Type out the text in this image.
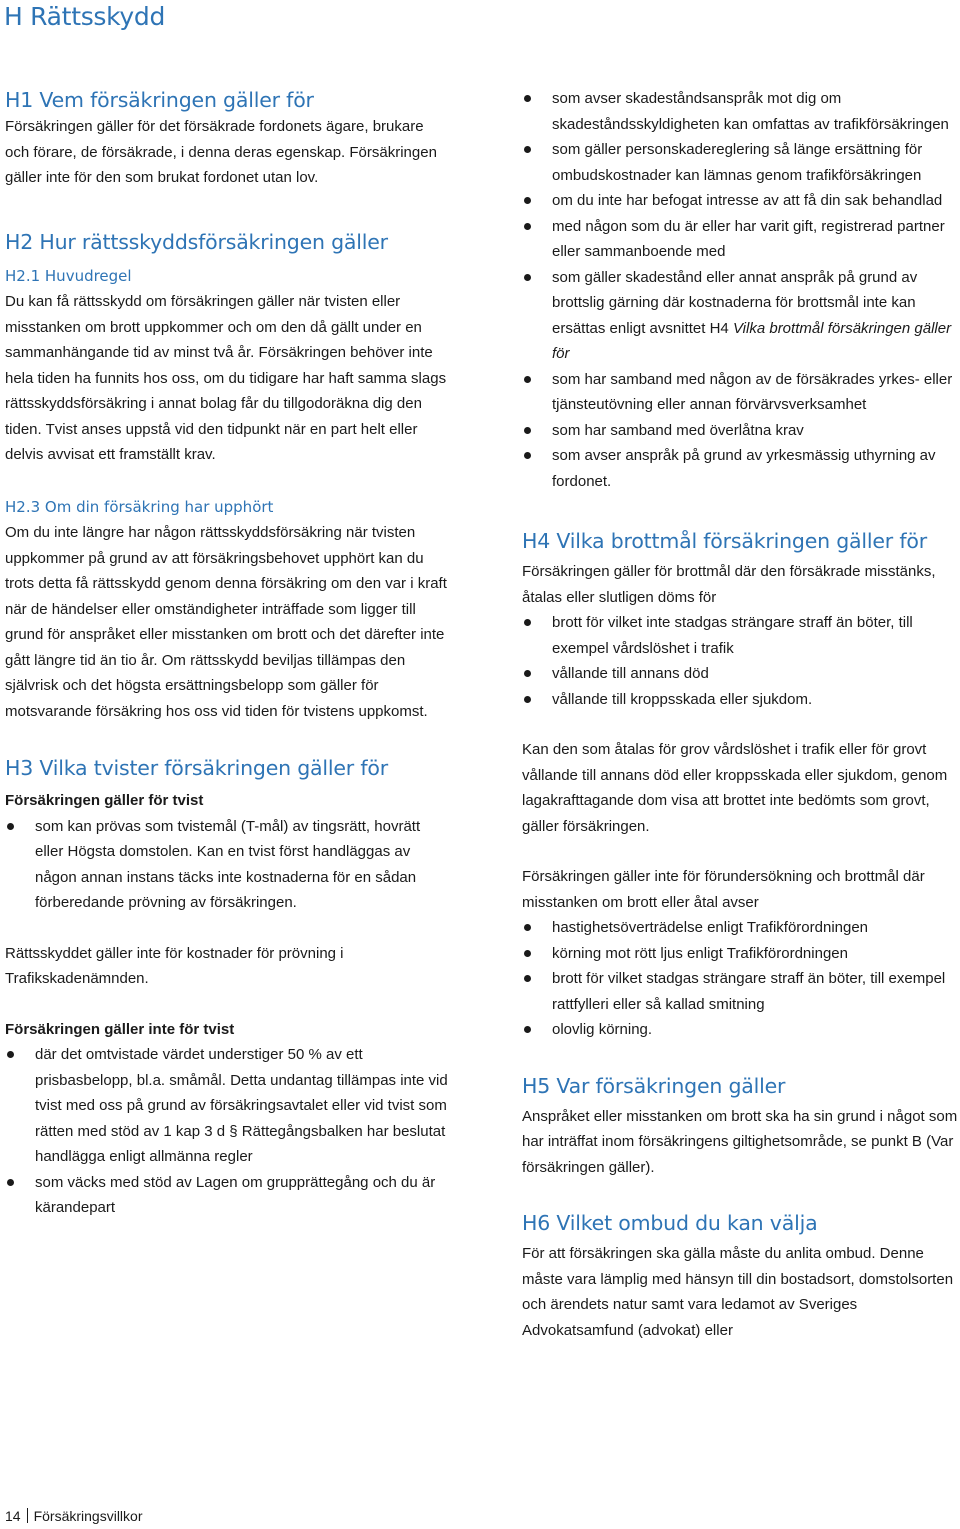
H Rättsskydd
H1 Vem försäkringen gäller för

Försäkringen gäller för det försäkrade fordonets ägare, brukare och förare, de försäkrade, i denna deras egenskap. Försäkringen gäller inte för den som brukat fordonet utan lov.

H2 Hur rättsskyddsförsäkringen gäller
H2.1 Huvudregel

Du kan få rättsskydd om försäkringen gäller när tvisten eller misstanken om brott uppkommer och om den då gällt under en sammanhängande tid av minst två år. Försäkringen behöver inte hela tiden ha funnits hos oss, om du tidigare har haft samma slags rättsskyddsförsäkring i annat bolag får du tillgodoräkna dig den tiden. Tvist anses uppstå vid den tidpunkt när en part helt eller delvis avvisat ett framställt krav.

H2.3 Om din försäkring har upphört

Om du inte längre har någon rättsskyddsförsäkring när tvisten uppkommer på grund av att försäkringsbehovet upphört kan du trots detta få rättsskydd genom denna försäkring om den var i kraft när de händelser eller omständigheter inträffade som ligger till grund för anspråket eller misstanken om brott och det därefter inte gått längre tid än tio år. Om rättsskydd beviljas tillämpas den självrisk och det högsta ersättningsbelopp som gäller för motsvarande försäkring hos oss vid tiden för tvistens uppkomst.

H3 Vilka tvister försäkringen gäller för

Försäkringen gäller för tvist

som kan prövas som tvistemål (T-mål) av tingsrätt, hovrätt eller Högsta domstolen. Kan en tvist först handläggas av någon annan instans täcks inte kostnaderna för en sådan förberedande prövning av försäkringen.

Rättsskyddet gäller inte för kostnader för prövning i Trafikskadenämnden.

Försäkringen gäller inte för tvist

där det omtvistade värdet understiger 50 % av ett prisbasbelopp, bl.a. småmål. Detta undantag tillämpas inte vid tvist med oss på grund av försäkringsavtalet eller vid tvist som rätten med stöd av 1 kap 3 d § Rättegångsbalken har beslutat handlägga enligt allmänna regler
som väcks med stöd av Lagen om grupprättegång och du är kärandepart
som avser skadeståndsanspråk mot dig om skadeståndsskyldigheten kan omfattas av trafikförsäkringen
som gäller personskadereglering så länge ersättning för ombudskostnader kan lämnas genom trafikförsäkringen
om du inte har befogat intresse av att få din sak behandlad
med någon som du är eller har varit gift, registrerad partner eller sammanboende med
som gäller skadestånd eller annat anspråk på grund av brottslig gärning där kostnaderna för brottsmål inte kan ersättas enligt avsnittet H4 Vilka brottmål försäkringen gäller för
som har samband med någon av de försäkrades yrkes- eller tjänsteutövning eller annan förvärvsverksamhet
som har samband med överlåtna krav
som avser anspråk på grund av yrkesmässig uthyrning av fordonet.
H4 Vilka brottmål försäkringen gäller för

Försäkringen gäller för brottmål där den försäkrade misstänks, åtalas eller slutligen döms för

brott för vilket inte stadgas strängare straff än böter, till exempel vårdslöshet i trafik
vållande till annans död
vållande till kroppsskada eller sjukdom.

Kan den som åtalas för grov vårdslöshet i trafik eller för grovt vållande till annans död eller kroppsskada eller sjukdom, genom lagakrafttagande dom visa att brottet inte bedömts som grovt, gäller försäkringen.

Försäkringen gäller inte för förundersökning och brottmål där misstanken om brott eller åtal avser

hastighetsöverträdelse enligt Trafikförordningen
körning mot rött ljus enligt Trafikförordningen
brott för vilket stadgas strängare straff än böter, till exempel rattfylleri eller så kallad smitning
olovlig körning.
H5 Var försäkringen gäller

Anspråket eller misstanken om brott ska ha sin grund i något som har inträffat inom försäkringens giltighetsområde, se punkt B (Var försäkringen gäller).

H6 Vilket ombud du kan välja

För att försäkringen ska gälla måste du anlita ombud. Denne måste vara lämplig med hänsyn till din bostadsort, domstolsorten och ärendets natur samt vara ledamot av Sveriges Advokatsamfund (advokat) eller

14 Försäkringsvillkor
